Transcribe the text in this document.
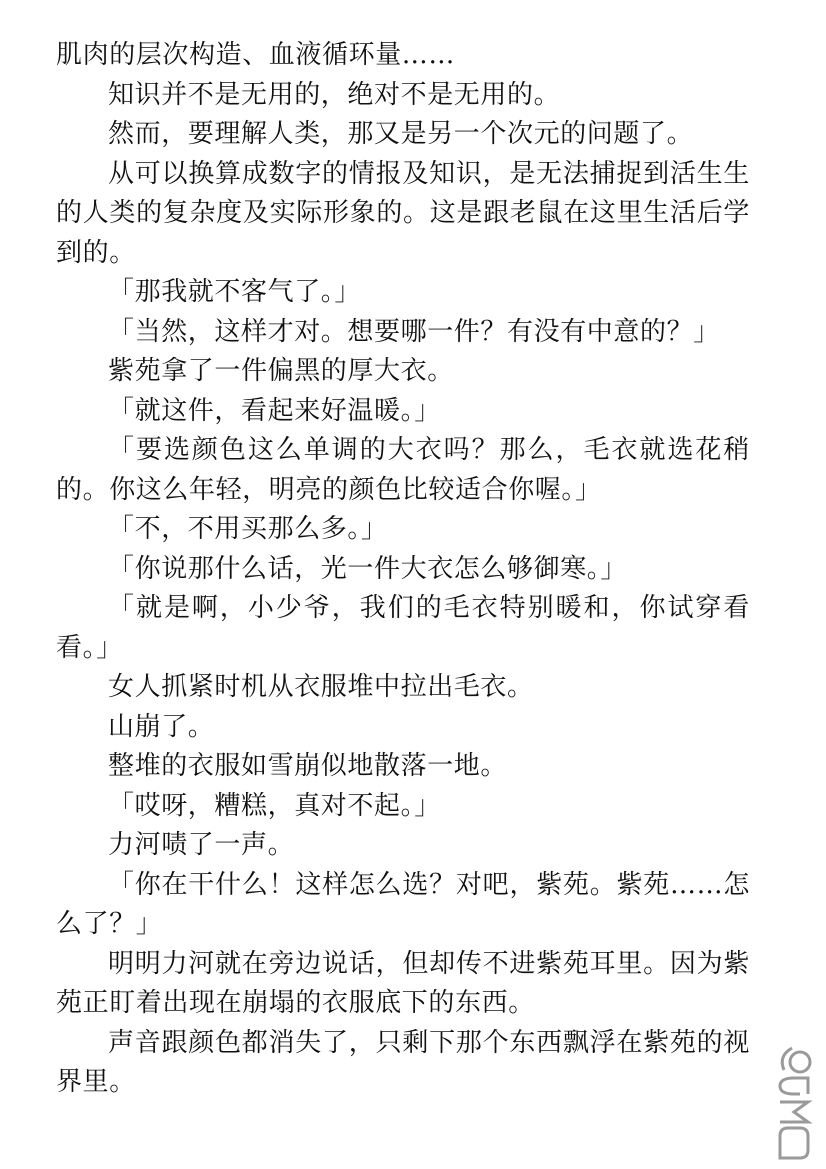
肌肉的层次构造、血液循环量……

知识并不是无用的，绝对不是无用的。

然而，要理解人类，那又是另一个次元的问题了。

从可以换算成数字的情报及知识，是无法捕捉到活生生的人类的复杂度及实际形象的。这是跟老鼠在这里生活后学到的。

「那我就不客气了。」

「当然，这样才对。想要哪一件？有没有中意的？」

紫苑拿了一件偏黑的厚大衣。

「就这件，看起来好温暖。」

「要选颜色这么单调的大衣吗？那么，毛衣就选花稍的。你这么年轻，明亮的颜色比较适合你喔。」

「不，不用买那么多。」

「你说那什么话，光一件大衣怎么够御寒。」

「就是啊，小少爷，我们的毛衣特别暖和，你试穿看看。」

女人抓紧时机从衣服堆中拉出毛衣。

山崩了。

整堆的衣服如雪崩似地散落一地。

「哎呀，糟糕，真对不起。」

力河啧了一声。

「你在干什么！这样怎么选？对吧，紫苑。紫苑……怎么了？」

明明力河就在旁边说话，但却传不进紫苑耳里。因为紫苑正盯着出现在崩塌的衣服底下的东西。

声音跟颜色都消失了，只剩下那个东西飘浮在紫苑的视界里。
